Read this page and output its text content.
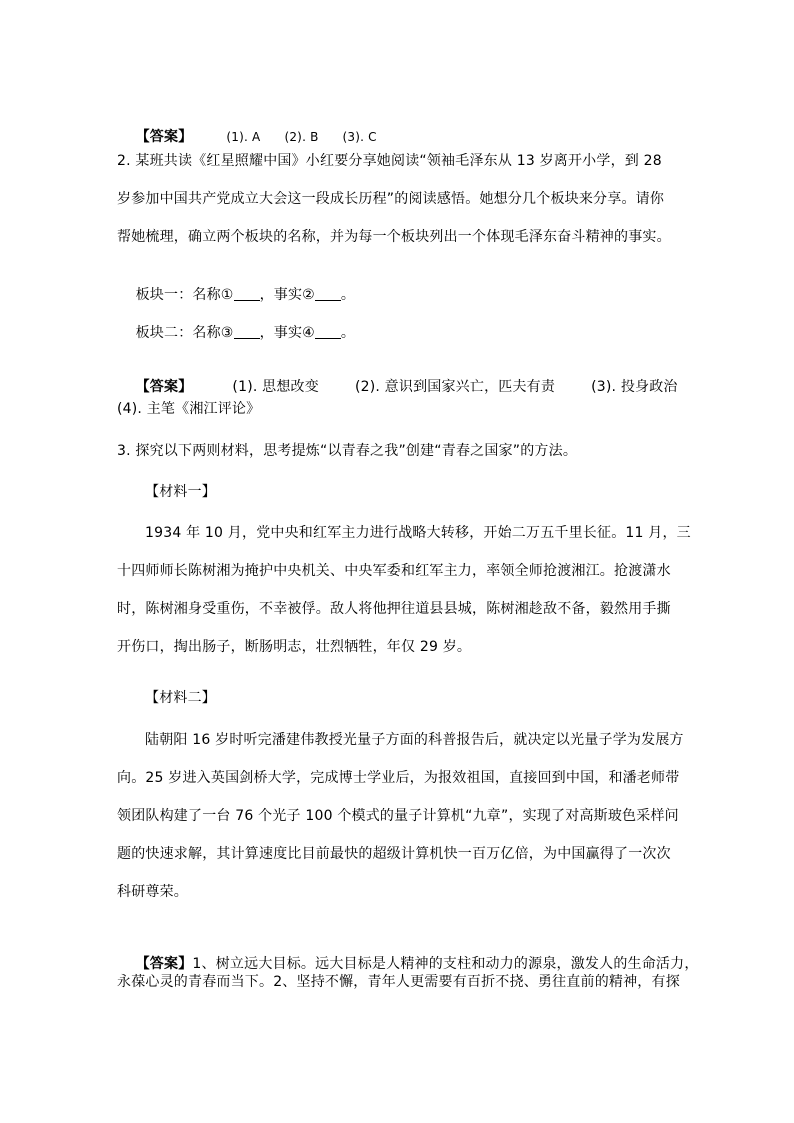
【答案】	(1). A (2). B (3). C

2. 某班共读《红星照耀中国》小红要分享她阅读“领袖毛泽东从 13 岁离开小学，到 28
岁参加中国共产党成立大会这一段成长历程”的阅读感悟。她想分几个板块来分享。请你
帮她梳理，确立两个板块的名称，并为每一个板块列出一个体现毛泽东奋斗精神的事实。

板块一：名称① ，事实② 。

板块二：名称③ ，事实④ 。

【答案】	(1). 思想改变	(2). 意识到国家兴亡，匹夫有责	(3). 投身政治

(4). 主笔《湘江评论》
3. 探究以下两则材料，思考提炼“以青春之我”创建“青春之国家”的方法。
【材料一】
1934 年 10 月，党中央和红军主力进行战略大转移，开始二万五千里长征。11 月，三
十四师师长陈树湘为掩护中央机关、中央军委和红军主力，率领全师抢渡湘江。抢渡潇水
时，陈树湘身受重伤，不幸被俘。敌人将他押往道县县城，陈树湘趁敌不备，毅然用手撕
开伤口，掏出肠子，断肠明志，壮烈牺牲，年仅 29 岁。
【材料二】
陆朝阳 16 岁时听完潘建伟教授光量子方面的科普报告后，就决定以光量子学为发展方
向。25 岁进入英国剑桥大学，完成博士学业后，为报效祖国，直接回到中国，和潘老师带
领团队构建了一台 76 个光子 100 个模式的量子计算机“九章”，实现了对高斯玻色采样问
题的快速求解，其计算速度比目前最快的超级计算机快一百万亿倍，为中国赢得了一次次
科研尊荣。

【答案】1、树立远大目标。远大目标是人精神的支柱和动力的源泉，激发人的生命活力，

永葆心灵的青春而当下。2、坚持不懈，青年人更需要有百折不挠、勇往直前的精神，有探
